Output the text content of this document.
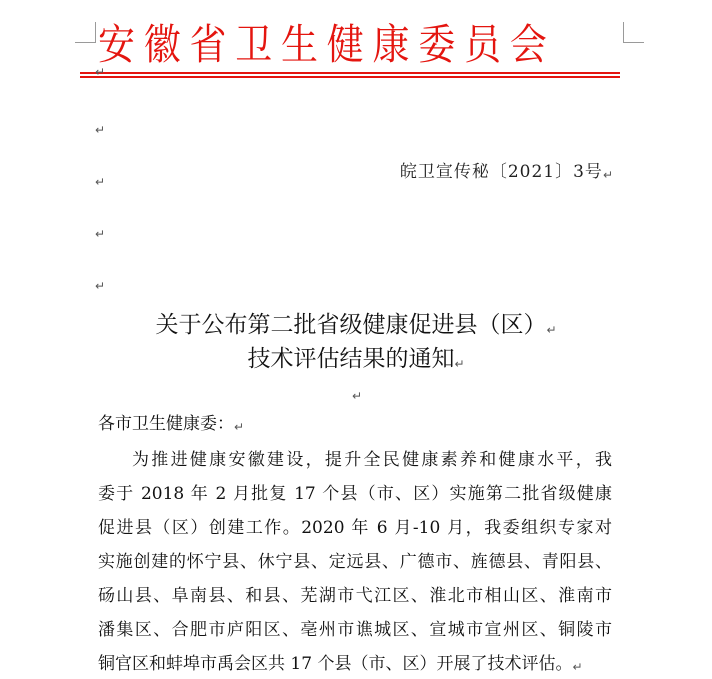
安徽省卫生健康委员会
↵
↵
↵
↵
↵
↵
皖卫宣传秘〔2021〕3号↵
关于公布第二批省级健康促进县（区）↵
技术评估结果的通知↵
各市卫生健康委：↵
为推进健康安徽建设，提升全民健康素养和健康水平，我
委于 2018 年 2 月批复 17 个县（市、区）实施第二批省级健康
促进县（区）创建工作。2020 年 6 月-10 月，我委组织专家对
实施创建的怀宁县、休宁县、定远县、广德市、旌德县、青阳县、
砀山县、阜南县、和县、芜湖市弋江区、淮北市相山区、淮南市
潘集区、合肥市庐阳区、亳州市谯城区、宣城市宣州区、铜陵市
铜官区和蚌埠市禹会区共 17 个县（市、区）开展了技术评估。↵
